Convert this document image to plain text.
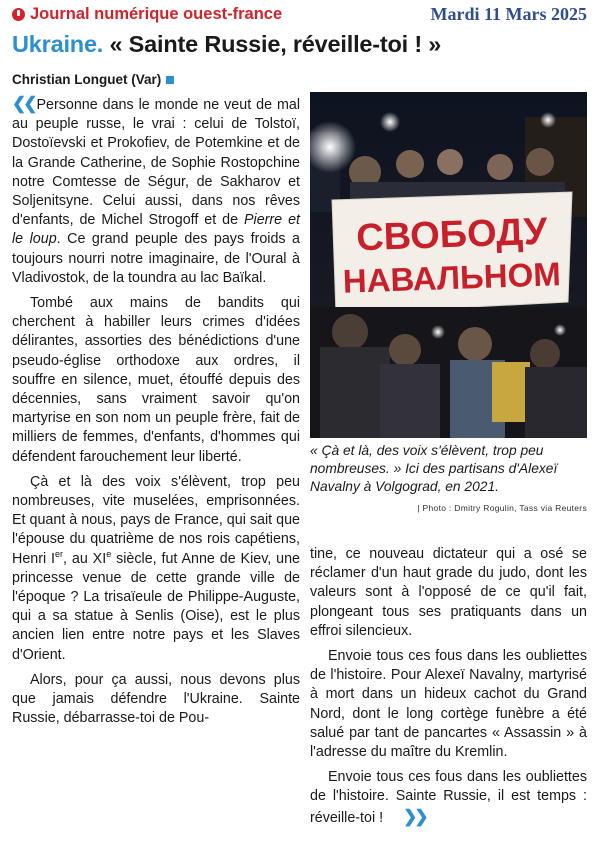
Journal numérique ouest-france	Mardi 11 Mars 2025
Ukraine. « Sainte Russie, réveille-toi ! »
Christian Longuet (Var)

❮❮ Personne dans le monde ne veut de mal au peuple russe, le vrai : celui de Tolstoï, Dostoïevski et Prokofiev, de Potemkine et de la Grande Catherine, de Sophie Rostopchine notre Comtesse de Ségur, de Sakharov et Soljenitsyne. Celui aussi, dans nos rêves d'enfants, de Michel Strogoff et de Pierre et le loup. Ce grand peuple des pays froids a toujours nourri notre imaginaire, de l'Oural à Vladivostok, de la toundra au lac Baïkal.

Tombé aux mains de bandits qui cherchent à habiller leurs crimes d'idées délirantes, assorties des bénédictions d'une pseudo-église orthodoxe aux ordres, il souffre en silence, muet, étouffé depuis des décennies, sans vraiment savoir qu'on martyrise en son nom un peuple frère, fait de milliers de femmes, d'enfants, d'hommes qui défendent farouchement leur liberté.

Çà et là des voix s'élèvent, trop peu nombreuses, vite muselées, emprisonnées. Et quant à nous, pays de France, qui sait que l'épouse du quatrième de nos rois capétiens, Henri Ier, au XIe siècle, fut Anne de Kiev, une princesse venue de cette grande ville de l'époque ? La trisaïeule de Philippe-Auguste, qui a sa statue à Senlis (Oise), est le plus ancien lien entre notre pays et les Slaves d'Orient.

Alors, pour ça aussi, nous devons plus que jamais défendre l'Ukraine. Sainte Russie, débarrasse-toi de Pou-

СВОБОДУ
НАВАЛЬНОМ
« Çà et là, des voix s'élèvent, trop peu nombreuses. » Ici des partisans d'Alexeï Navalny à Volgograd, en 2021.
| Photo : Dmitry Rogulin, Tass via Reuters

tine, ce nouveau dictateur qui a osé se réclamer d'un haut grade du judo, dont les valeurs sont à l'opposé de ce qu'il fait, plongeant tous ses pratiquants dans un effroi silencieux.

Envoie tous ces fous dans les oubliettes de l'histoire. Pour Alexeï Navalny, martyrisé à mort dans un hideux cachot du Grand Nord, dont le long cortège funèbre a été salué par tant de pancartes « Assassin » à l'adresse du maître du Kremlin.

Envoie tous ces fous dans les oubliettes de l'histoire. Sainte Russie, il est temps : réveille-toi ! ❯❯
